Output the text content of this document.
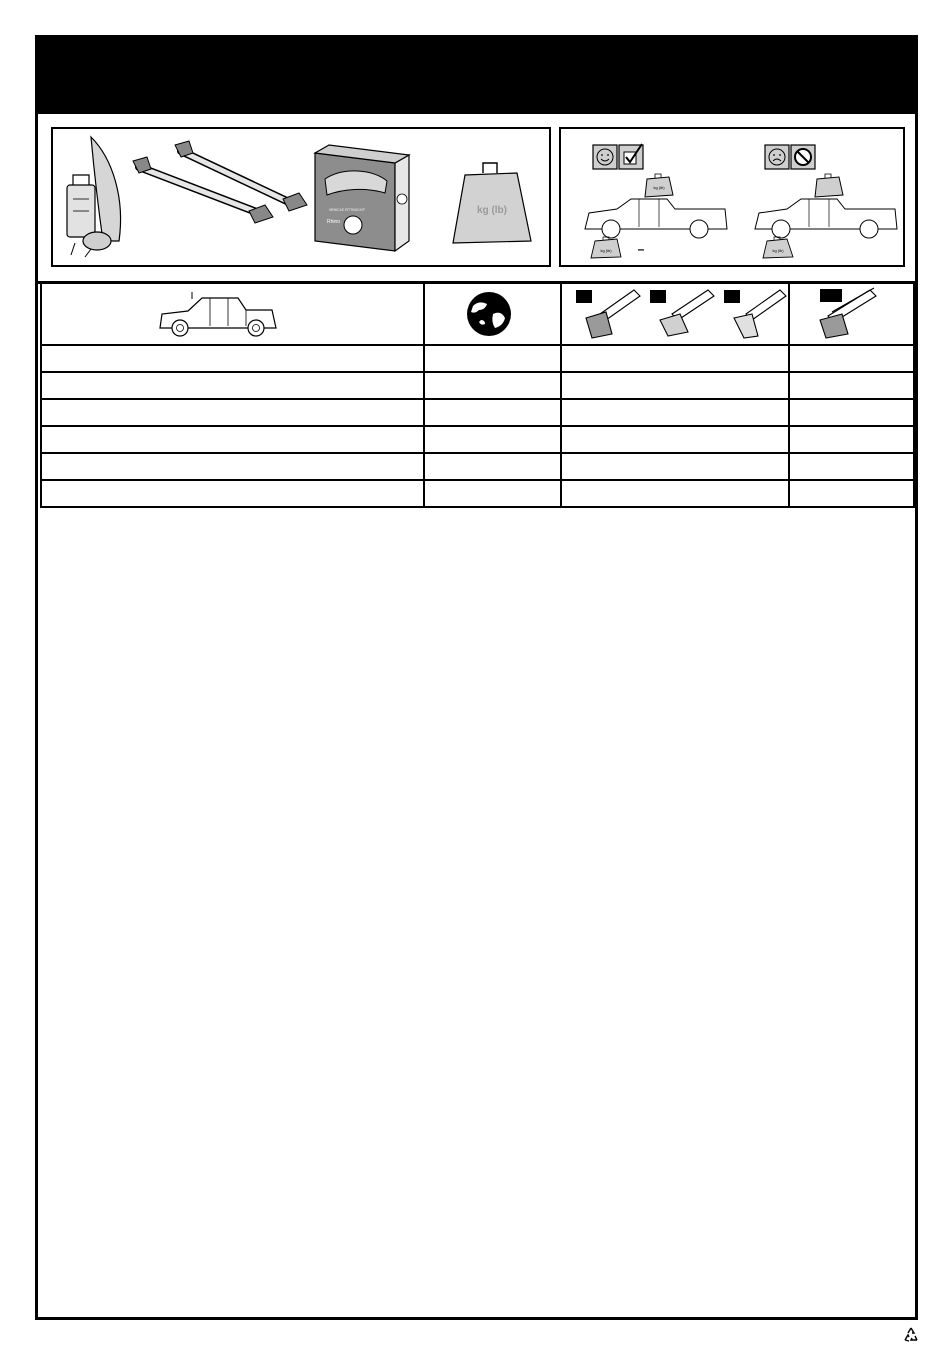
Rhino
VEHICLE FITTING KIT	kg (lb)
kg (lb)
kg (lb) –	kg (lb)
